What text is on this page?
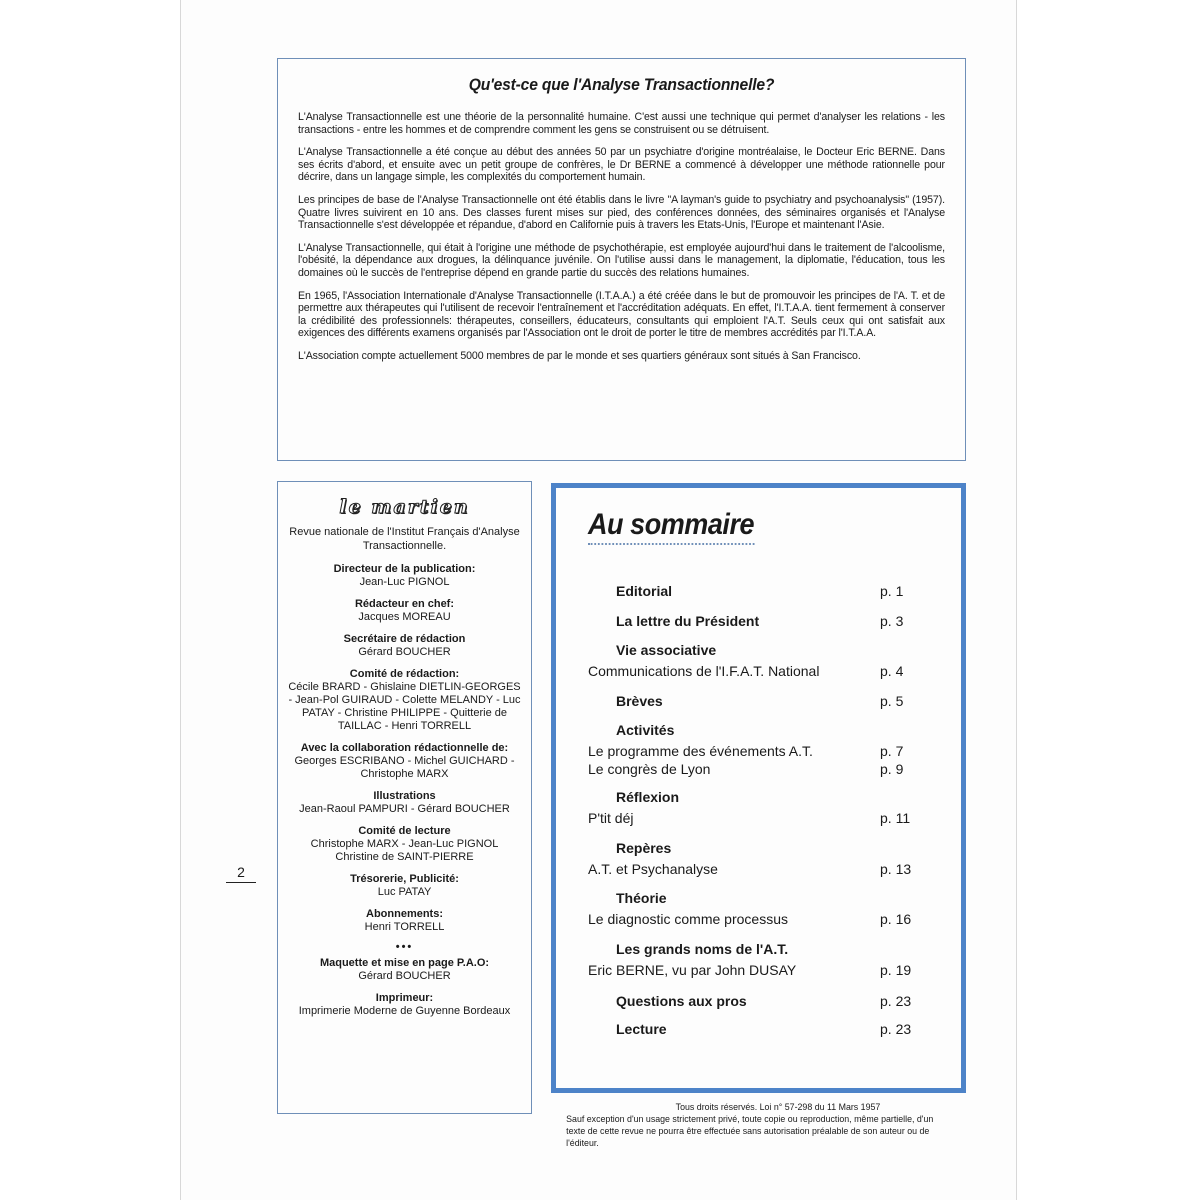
Qu'est-ce que l'Analyse Transactionnelle?

L'Analyse Transactionnelle est une théorie de la personnalité humaine. C'est aussi une technique qui permet d'analyser les relations - les transactions - entre les hommes et de comprendre comment les gens se construisent ou se détruisent.

L'Analyse Transactionnelle a été conçue au début des années 50 par un psychiatre d'origine montréalaise, le Docteur Eric BERNE. Dans ses écrits d'abord, et ensuite avec un petit groupe de confrères, le Dr BERNE a commencé à développer une méthode rationnelle pour décrire, dans un langage simple, les complexités du comportement humain.

Les principes de base de l'Analyse Transactionnelle ont été établis dans le livre "A layman's guide to psychiatry and psychoanalysis" (1957). Quatre livres suivirent en 10 ans. Des classes furent mises sur pied, des conférences données, des séminaires organisés et l'Analyse Transactionnelle s'est développée et répandue, d'abord en Californie puis à travers les Etats-Unis, l'Europe et maintenant l'Asie.

L'Analyse Transactionnelle, qui était à l'origine une méthode de psychothérapie, est employée aujourd'hui dans le traitement de l'alcoolisme, l'obésité, la dépendance aux drogues, la délinquance juvénile. On l'utilise aussi dans le management, la diplomatie, l'éducation, tous les domaines où le succès de l'entreprise dépend en grande partie du succès des relations humaines.

En 1965, l'Association Internationale d'Analyse Transactionnelle (I.T.A.A.) a été créée dans le but de promouvoir les principes de l'A. T. et de permettre aux thérapeutes qui l'utilisent de recevoir l'entraînement et l'accréditation adéquats. En effet, l'I.T.A.A. tient fermement à conserver la crédibilité des professionnels: thérapeutes, conseillers, éducateurs, consultants qui emploient l'A.T. Seuls ceux qui ont satisfait aux exigences des différents examens organisés par l'Association ont le droit de porter le titre de membres accrédités par l'I.T.A.A.

L'Association compte actuellement 5000 membres de par le monde et ses quartiers généraux sont situés à San Francisco.

le martien
Revue nationale de l'Institut Français d'Analyse Transactionnelle.
Directeur de la publication:
Jean-Luc PIGNOL
Rédacteur en chef:
Jacques MOREAU
Secrétaire de rédaction
Gérard BOUCHER
Comité de rédaction:
Cécile BRARD - Ghislaine DIETLIN-GEORGES - Jean-Pol GUIRAUD - Colette MELANDY - Luc PATAY - Christine PHILIPPE - Quitterie de TAILLAC - Henri TORRELL
Avec la collaboration rédactionnelle de:
Georges ESCRIBANO - Michel GUICHARD - Christophe MARX
Illustrations
Jean-Raoul PAMPURI - Gérard BOUCHER
Comité de lecture
Christophe MARX - Jean-Luc PIGNOL Christine de SAINT-PIERRE
Trésorerie, Publicité:
Luc PATAY
Abonnements:
Henri TORRELL
•••
Maquette et mise en page P.A.O:
Gérard BOUCHER
Imprimeur:
Imprimerie Moderne de Guyenne Bordeaux
2
Au sommaire
Editorial	p. 1
La lettre du Président	p. 3
Vie associative
Communications de l'I.F.A.T. National	p. 4
Brèves	p. 5
Activités
Le programme des événements A.T.	p. 7
Le congrès de Lyon	p. 9
Réflexion
P'tit déj	p. 11
Repères
A.T. et Psychanalyse	p. 13
Théorie
Le diagnostic comme processus	p. 16
Les grands noms de l'A.T.
Eric BERNE, vu par John DUSAY	p. 19
Questions aux pros	p. 23
Lecture	p. 23
Tous droits réservés. Loi n° 57-298 du 11 Mars 1957
Sauf exception d'un usage strictement privé, toute copie ou reproduction, même partielle, d'un texte de cette revue ne pourra être effectuée sans autorisation préalable de son auteur ou de l'éditeur.
